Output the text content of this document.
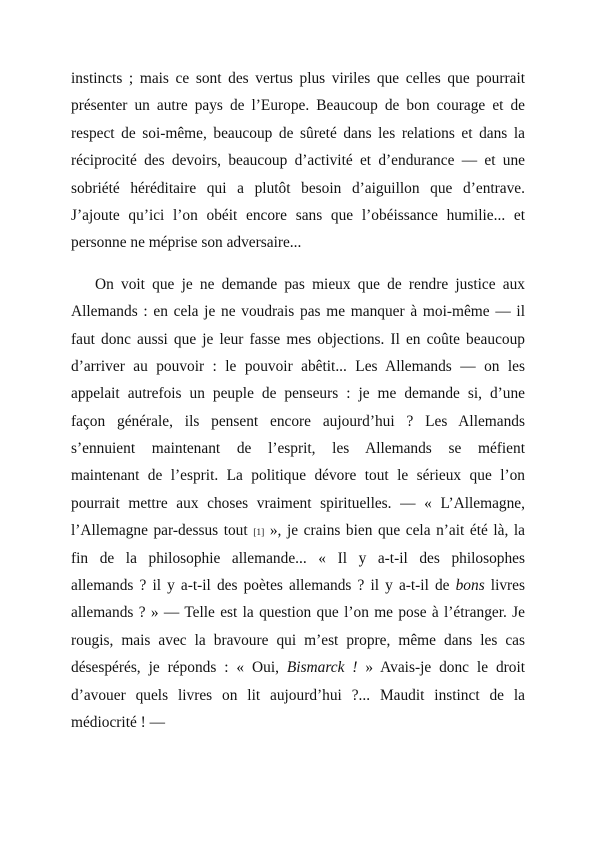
instincts ; mais ce sont des vertus plus viriles que celles que pourrait
présenter un autre pays de l’Europe. Beaucoup de bon courage et de
respect de soi-même, beaucoup de sûreté dans les relations et dans la
réciprocité des devoirs, beaucoup d’activité et d’endurance — et une
sobriété héréditaire qui a plutôt besoin d’aiguillon que d’entrave.
J’ajoute qu’ici l’on obéit encore sans que l’obéissance humilie... et
personne ne méprise son adversaire...
On voit que je ne demande pas mieux que de rendre justice aux
Allemands : en cela je ne voudrais pas me manquer à moi-même — il
faut donc aussi que je leur fasse mes objections. Il en coûte beaucoup
d’arriver au pouvoir : le pouvoir abêtit... Les Allemands — on les
appelait autrefois un peuple de penseurs : je me demande si, d’une
façon générale, ils pensent encore aujourd’hui ? Les Allemands
s’ennuient maintenant de l’esprit, les Allemands se méfient
maintenant de l’esprit. La politique dévore tout le sérieux que l’on
pourrait mettre aux choses vraiment spirituelles. — « L’Allemagne,
l’Allemagne par-dessus tout [1] », je crains bien que cela n’ait été là, la
fin de la philosophie allemande... « Il y a-t-il des philosophes
allemands ? il y a-t-il des poètes allemands ? il y a-t-il de bons livres
allemands ? » — Telle est la question que l’on me pose à l’étranger. Je
rougis, mais avec la bravoure qui m’est propre, même dans les cas
désespérés, je réponds : « Oui, Bismarck ! » Avais-je donc le droit
d’avouer quels livres on lit aujourd’hui ?... Maudit instinct de la
médiocrité ! —
